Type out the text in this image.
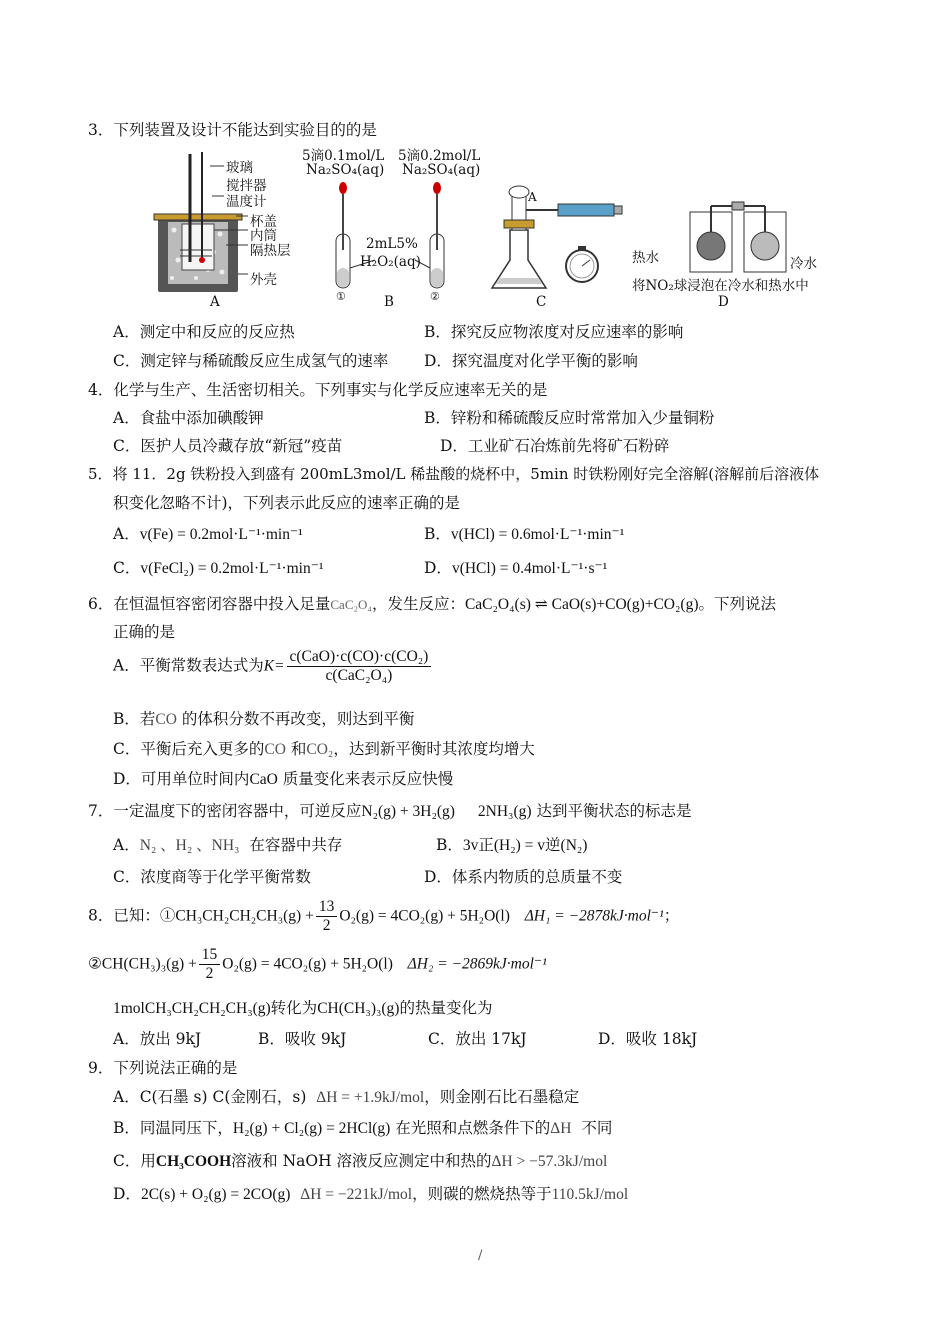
3．下列装置及设计不能达到实验目的的是
玻璃
搅拌器
温度计
杯盖
内筒
隔热层
外壳
A
5滴0.1mol/L
Na₂SO₄(aq)
5滴0.2mol/L
Na₂SO₄(aq)
2mL5%
H₂O₂(aq)
①	②
B
A
C
热水	冷水
将NO₂球浸泡在冷水和热水中
D
A．测定中和反应的反应热	B．探究反应物浓度对反应速率的影响
C．测定锌与稀硫酸反应生成氢气的速率 D．探究温度对化学平衡的影响
4．化学与生产、生活密切相关。下列事实与化学反应速率无关的是
A．食盐中添加碘酸钾	B．锌粉和稀硫酸反应时常常加入少量铜粉
C．医护人员冷藏存放“新冠”疫苗	D．工业矿石冶炼前先将矿石粉碎
5．将 11．2g 铁粉投入到盛有 200mL3mol/L 稀盐酸的烧杯中，5min 时铁粉刚好完全溶解(溶解前后溶液体
积变化忽略不计)，下列表示此反应的速率正确的是
A．v(Fe) = 0.2mol·L⁻¹·min⁻¹	B．v(HCl) = 0.6mol·L⁻¹·min⁻¹
C．v(FeCl₂) = 0.2mol·L⁻¹·min⁻¹	D．v(HCl) = 0.4mol·L⁻¹·s⁻¹
6．在恒温恒容密闭容器中投入足量CaC₂O₄，发生反应：CaC₂O₄(s) ⇌ CaO(s)+CO(g)+CO₂(g)。下列说法
正确的是
A．平衡常数表达式为$K= \frac{\text{c(CaO)·c(CO)·c(CO₂)}}{\text{c(CaC₂O₄)}}$
B．若CO 的体积分数不再改变，则达到平衡
C．平衡后充入更多的CO 和CO₂，达到新平衡时其浓度均增大
D．可用单位时间内CaO 质量变化来表示反应快慢
7．一定温度下的密闭容器中，可逆反应N₂(g) + 3H₂(g) 2NH₃(g) 达到平衡状态的标志是
A．N₂ 、H₂ 、NH₃ 在容器中共存	B．3v正(H₂) = v逆(N₂)
C．浓度商等于化学平衡常数	D．体系内物质的总质量不变
8．已知：①CH₃CH₂CH₂CH₃(g) + $\frac{13}{2} O_2(g) = 4CO_2(g) + 5H_2O(l) \Delta H_1 = -2878kJ\cdot mol^{-1}$；
②CH(CH₃)₃(g) + $\frac{15}{2} O_2(g) = 4CO_2(g) + 5H_2O(l) \Delta H_2 = -2869kJ\cdot mol^{-1}$
1molCH₃CH₂CH₂CH₃(g)转化为CH(CH₃)₃(g)的热量变化为
A．放出 9kJ	B．吸收 9kJ	C．放出 17kJ	D．吸收 18kJ
9．下列说法正确的是
A．C(石墨 s) C(金刚石，s) ΔH = +1.9kJ/mol，则金刚石比石墨稳定
B．同温同压下，H₂(g) + Cl₂(g) = 2HCl(g) 在光照和点燃条件下的ΔH 不同
C．用CH₃COOH溶液和 NaOH 溶液反应测定中和热的ΔH > −57.3kJ/mol
D．2C(s) + O₂(g) = 2CO(g) ΔH = −221kJ/mol，则碳的燃烧热等于110.5kJ/mol
/
